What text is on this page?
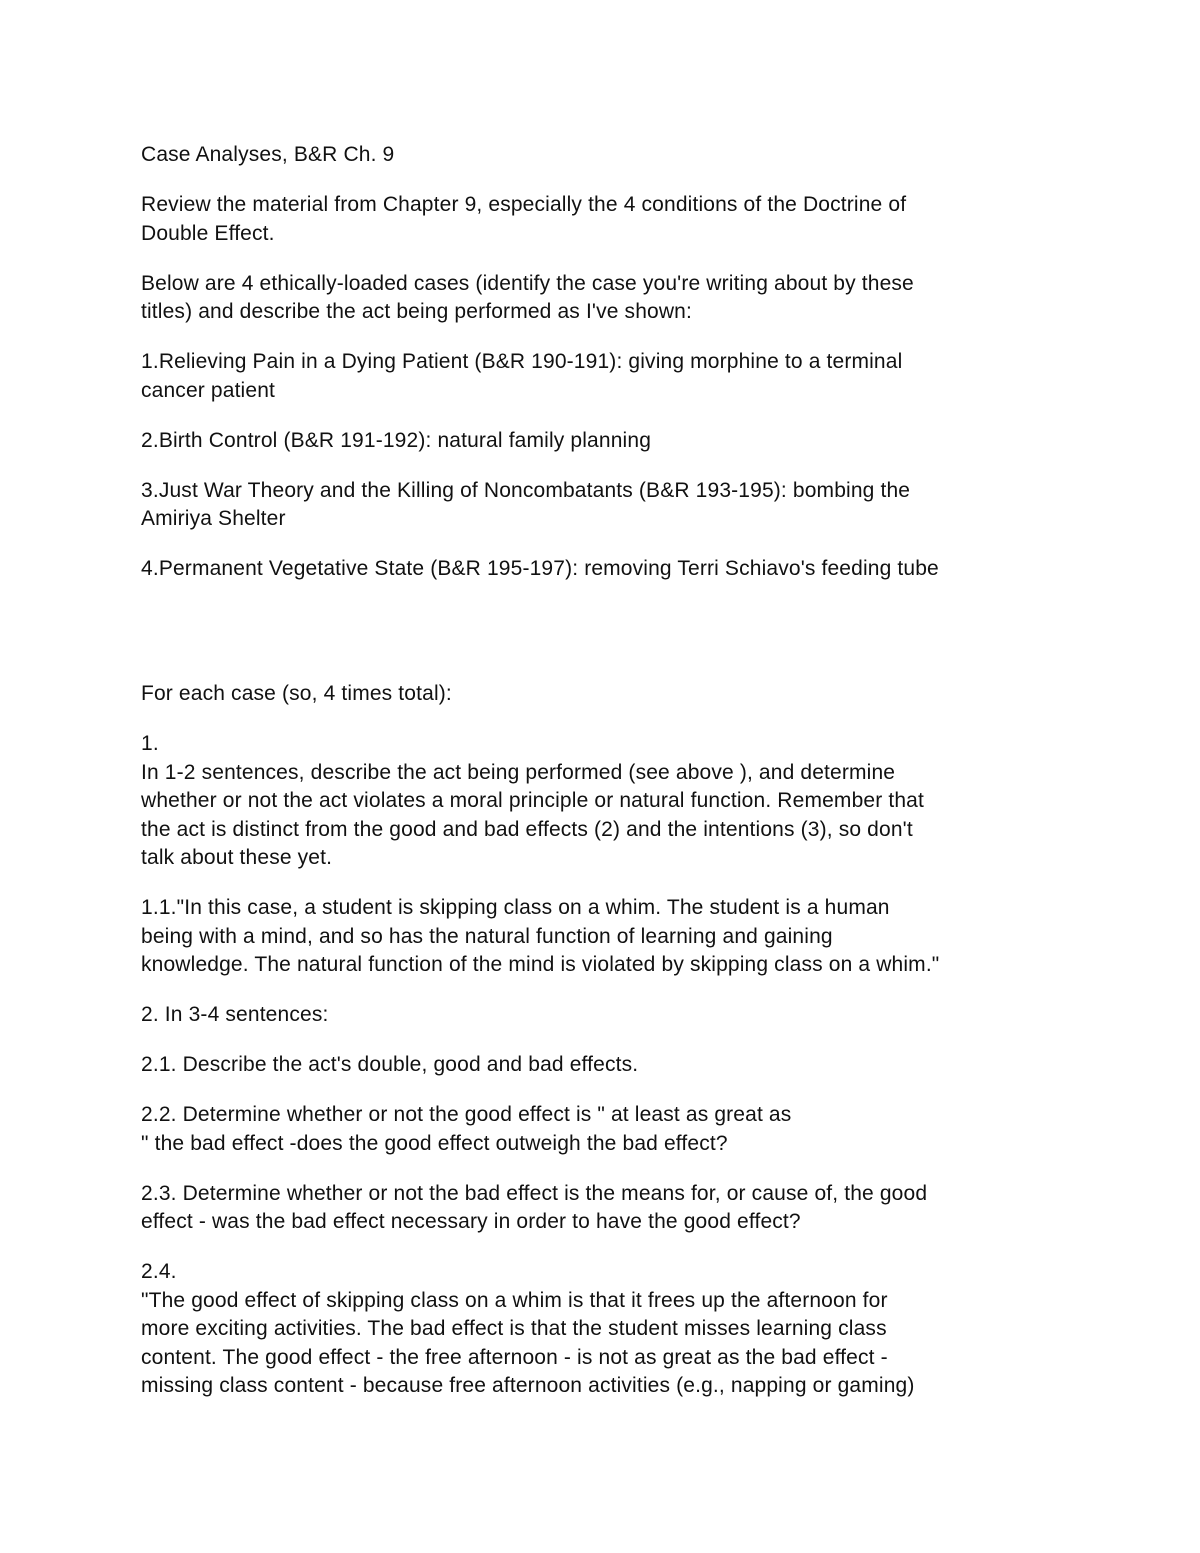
Case Analyses, B&R Ch. 9

Review the material from Chapter 9, especially the 4 conditions of the Doctrine of
Double Effect.

Below are 4 ethically-loaded cases (identify the case you're writing about by these
titles) and describe the act being performed as I've shown:

1.Relieving Pain in a Dying Patient (B&R 190-191): giving morphine to a terminal
cancer patient

2.Birth Control (B&R 191-192): natural family planning

3.Just War Theory and the Killing of Noncombatants (B&R 193-195): bombing the
Amiriya Shelter

4.Permanent Vegetative State (B&R 195-197): removing Terri Schiavo's feeding tube

For each case (so, 4 times total):

1.
In 1-2 sentences, describe the act being performed (see above ), and determine
whether or not the act violates a moral principle or natural function. Remember that
the act is distinct from the good and bad effects (2) and the intentions (3), so don't
talk about these yet.

1.1."In this case, a student is skipping class on a whim. The student is a human
being with a mind, and so has the natural function of learning and gaining
knowledge. The natural function of the mind is violated by skipping class on a whim."

2. In 3-4 sentences:

2.1. Describe the act's double, good and bad effects.

2.2. Determine whether or not the good effect is " at least as great as
" the bad effect -does the good effect outweigh the bad effect?

2.3. Determine whether or not the bad effect is the means for, or cause of, the good
effect - was the bad effect necessary in order to have the good effect?

2.4.
"The good effect of skipping class on a whim is that it frees up the afternoon for
more exciting activities. The bad effect is that the student misses learning class
content. The good effect - the free afternoon - is not as great as the bad effect -
missing class content - because free afternoon activities (e.g., napping or gaming)
